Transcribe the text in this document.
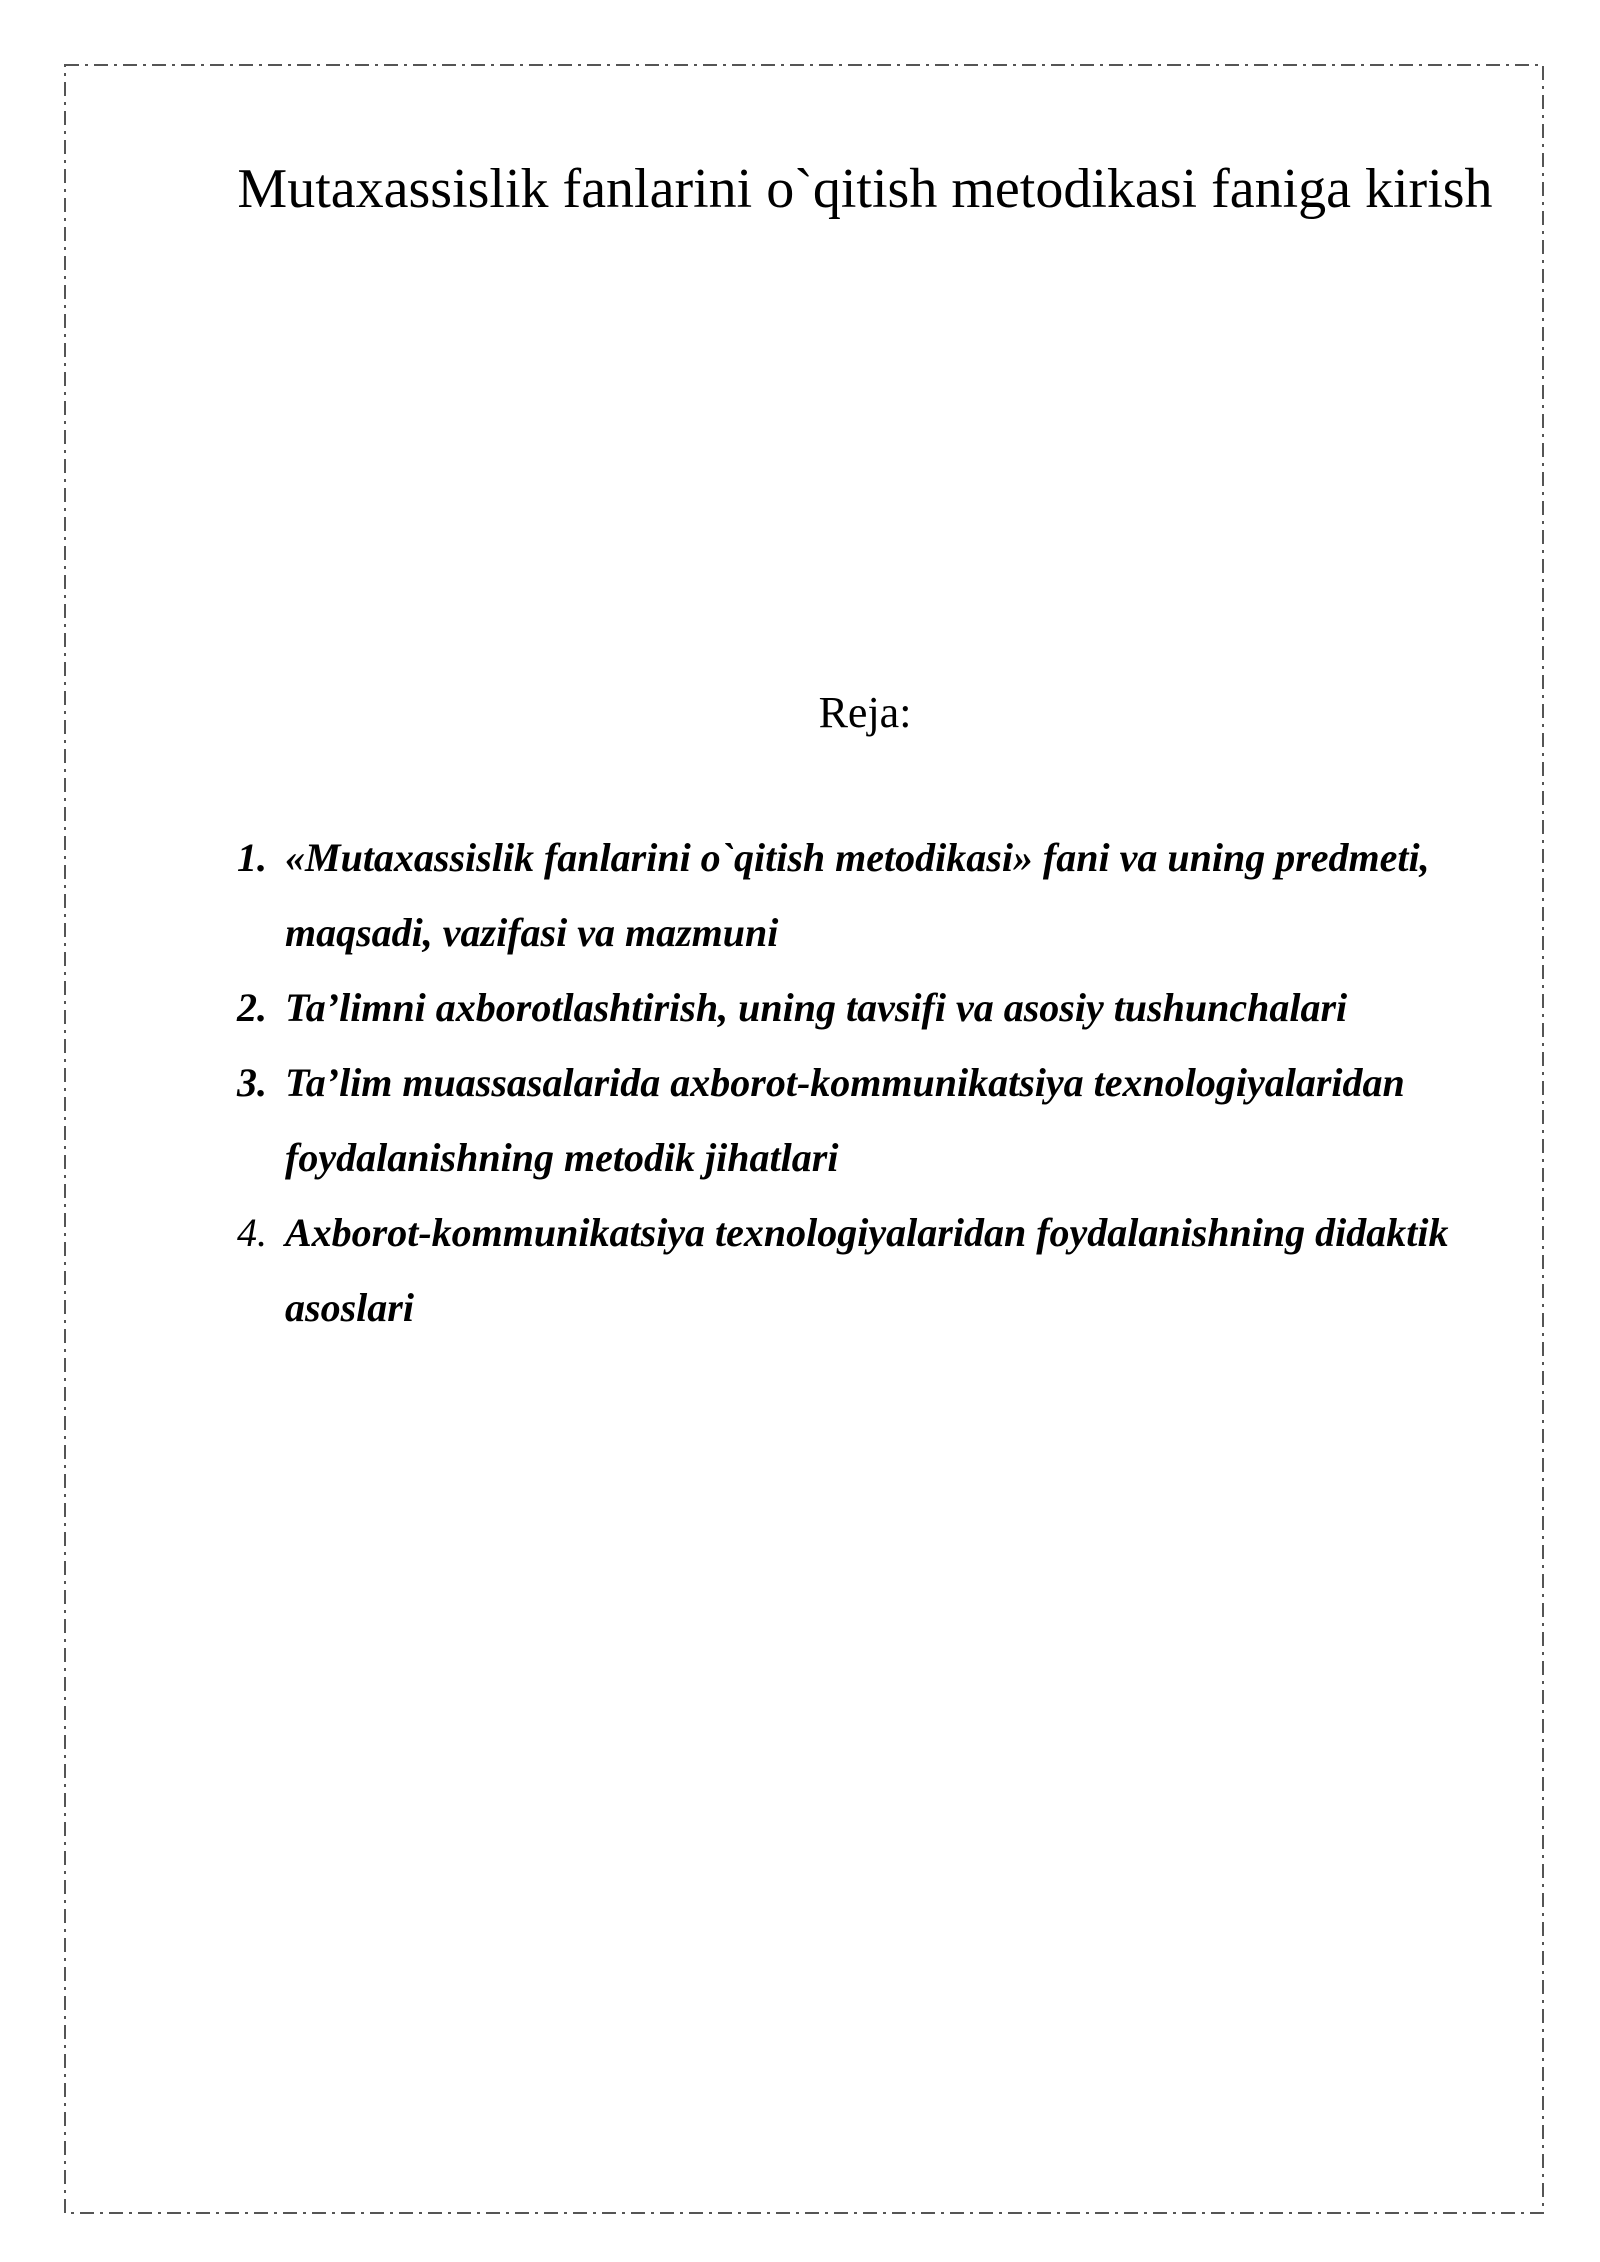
Mutaxassislik fanlarini o`qitish metodikasi faniga kirish

Reja:

1. «Mutaxassislik fanlarini o`qitish metodikasi» fani va uning predmeti, maqsadi, vazifasi va mazmuni
2. Ta’limni axborotlashtirish, uning tavsifi va asosiy tushunchalari
3. Ta’lim muassasalarida axborot-kommunikatsiya texnologiyalaridan foydalanishning metodik jihatlari
4. Axborot-kommunikatsiya texnologiyalaridan foydalanishning didaktik asoslari
